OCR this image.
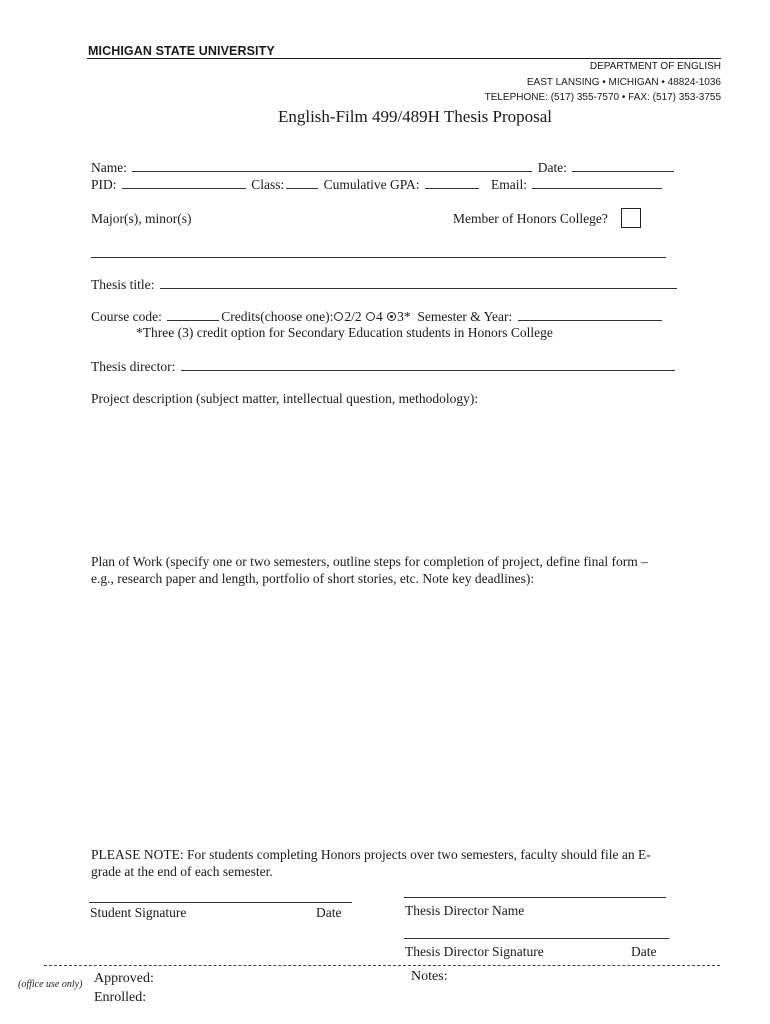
MICHIGAN STATE UNIVERSITY
DEPARTMENT OF ENGLISH
EAST LANSING • MICHIGAN • 48824-1036
TELEPHONE: (517) 355-7570 • FAX: (517) 353-3755
English-Film 499/489H Thesis Proposal
Name:	Date:
PID:	Class:	Cumulative GPA:	Email:
Major(s), minor(s)	Member of Honors College?
Thesis title:
Course code:	Credits(choose one): 2/2 4 3* Semester & Year:
*Three (3) credit option for Secondary Education students in Honors College
Thesis director:
Project description (subject matter, intellectual question, methodology):
Plan of Work (specify one or two semesters, outline steps for completion of project, define final form –
e.g., research paper and length, portfolio of short stories, etc. Note key deadlines):
PLEASE NOTE: For students completing Honors projects over two semesters, faculty should file an E-
grade at the end of each semester.
Student Signature	Date	Thesis Director Name
Thesis Director Signature	Date
(office use only) Approved:
Enrolled:
Notes:
